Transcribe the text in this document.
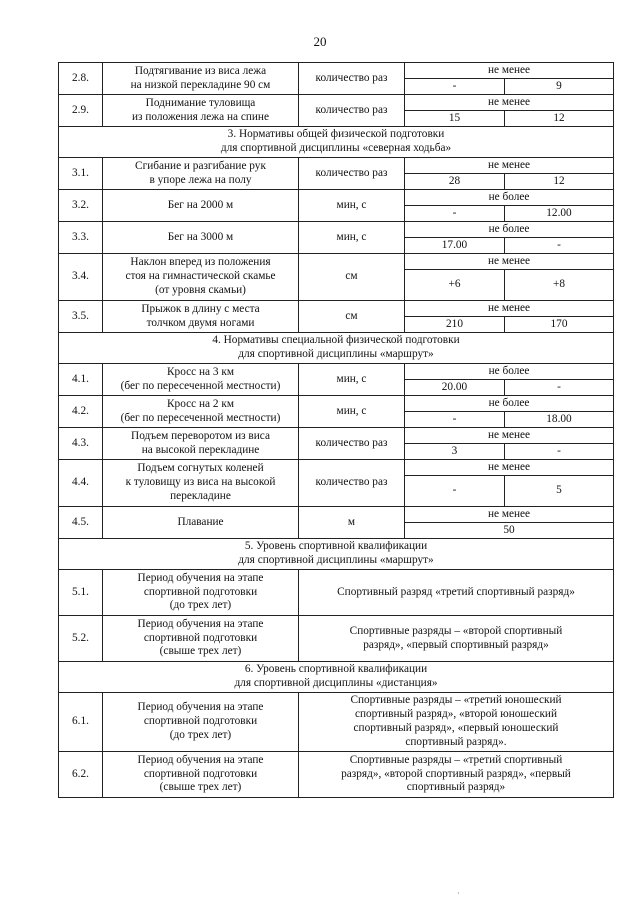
20
2.8.	Подтягивание из виса лежа
на низкой перекладине 90 см	количество раз	не менее	
			-	9
2.9.	Поднимание туловища
из положения лежа на спине	количество раз	не менее	
			15	12
3. Нормативы общей физической подготовки
для спортивной дисциплины «северная ходьба»				
3.1.	Сгибание и разгибание рук
в упоре лежа на полу	количество раз	не менее	
			28	12
3.2.	Бег на 2000 м	мин, с	не более	
			-	12.00
3.3.	Бег на 3000 м	мин, с	не более	
			17.00	-
3.4.	Наклон вперед из положения
стоя на гимнастической скамье
(от уровня скамьи)	см	не менее	
			+6	+8
3.5.	Прыжок в длину с места
толчком двумя ногами	см	не менее	
			210	170
4. Нормативы специальной физической подготовки
для спортивной дисциплины «маршрут»				
4.1.	Кросс на 3 км
(бег по пересеченной местности)	мин, с	не более	
			20.00	-
4.2.	Кросс на 2 км
(бег по пересеченной местности)	мин, с	не более	
			-	18.00
4.3.	Подъем переворотом из виса
на высокой перекладине	количество раз	не менее	
			3	-
4.4.	Подъем согнутых коленей
к туловищу из виса на высокой
перекладине	количество раз	не менее	
			-	5
4.5.	Плавание	м	не менее	
			50	
5. Уровень спортивной квалификации
для спортивной дисциплины «маршрут»				
5.1.	Период обучения на этапе
спортивной подготовки
(до трех лет)	Спортивный разряд «третий спортивный разряд»		
5.2.	Период обучения на этапе
спортивной подготовки
(свыше трех лет)	Спортивные разряды – «второй спортивный
разряд», «первый спортивный разряд»		
6. Уровень спортивной квалификации
для спортивной дисциплины «дистанция»				
6.1.	Период обучения на этапе
спортивной подготовки
(до трех лет)	Спортивные разряды – «третий юношеский
спортивный разряд», «второй юношеский
спортивный разряд», «первый юношеский
спортивный разряд».		
6.2.	Период обучения на этапе
спортивной подготовки
(свыше трех лет)	Спортивные разряды – «третий спортивный
разряд», «второй спортивный разряд», «первый
спортивный разряд»		
·
